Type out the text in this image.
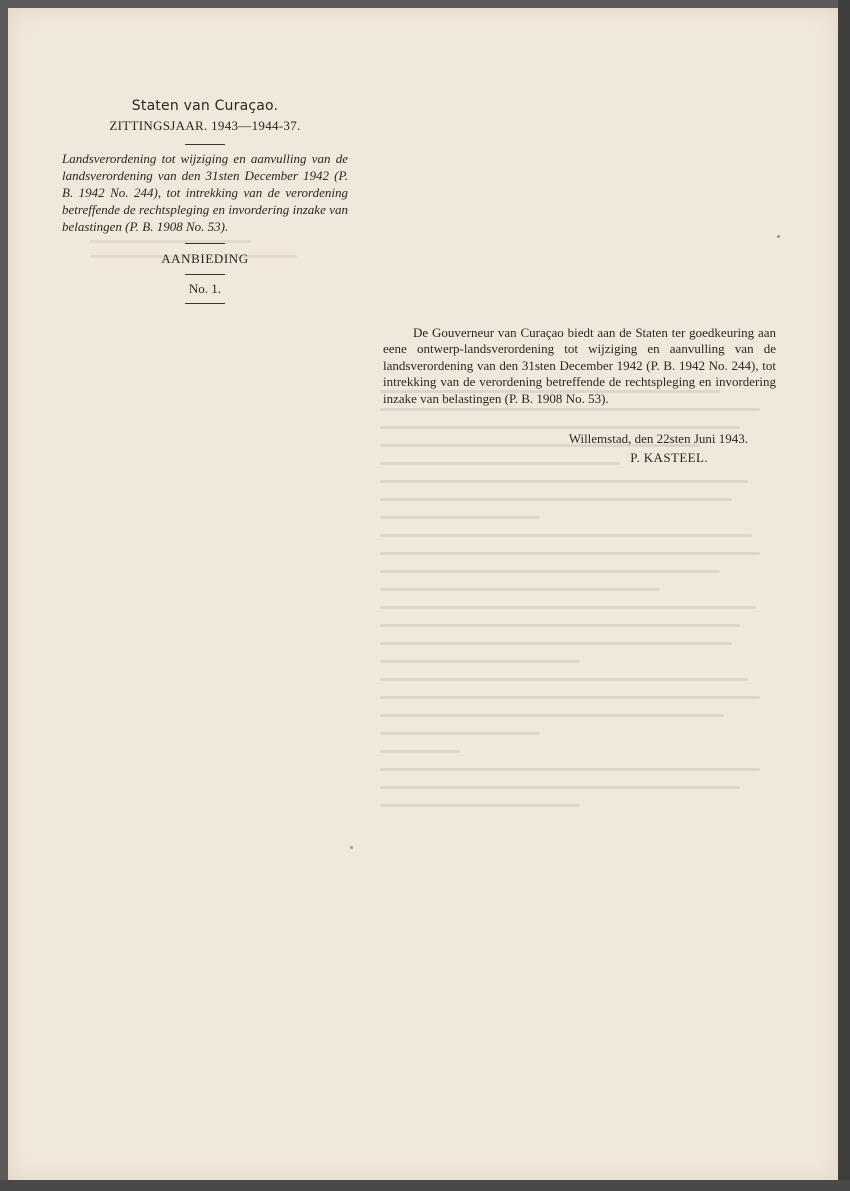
Staten van Curaçao.

ZITTINGSJAAR. 1943—1944-37.

Landsverordening tot wijziging en aanvulling van de landsverordening van den 31sten December 1942 (P. B. 1942 No. 244), tot intrekking van de verordening betreffende de rechtspleging en invordering inzake van belastingen (P. B. 1908 No. 53).

AANBIEDING

No. 1.

De Gouverneur van Curaçao biedt aan de Staten ter goedkeuring aan eene ontwerp-landsverordening tot wijziging en aanvulling van de landsverordening van den 31sten December 1942 (P. B. 1942 No. 244), tot intrekking van de verordening betreffende de rechtspleging en invordering inzake van belastingen (P. B. 1908 No. 53).

Willemstad, den 22sten Juni 1943.

P. KASTEEL.
